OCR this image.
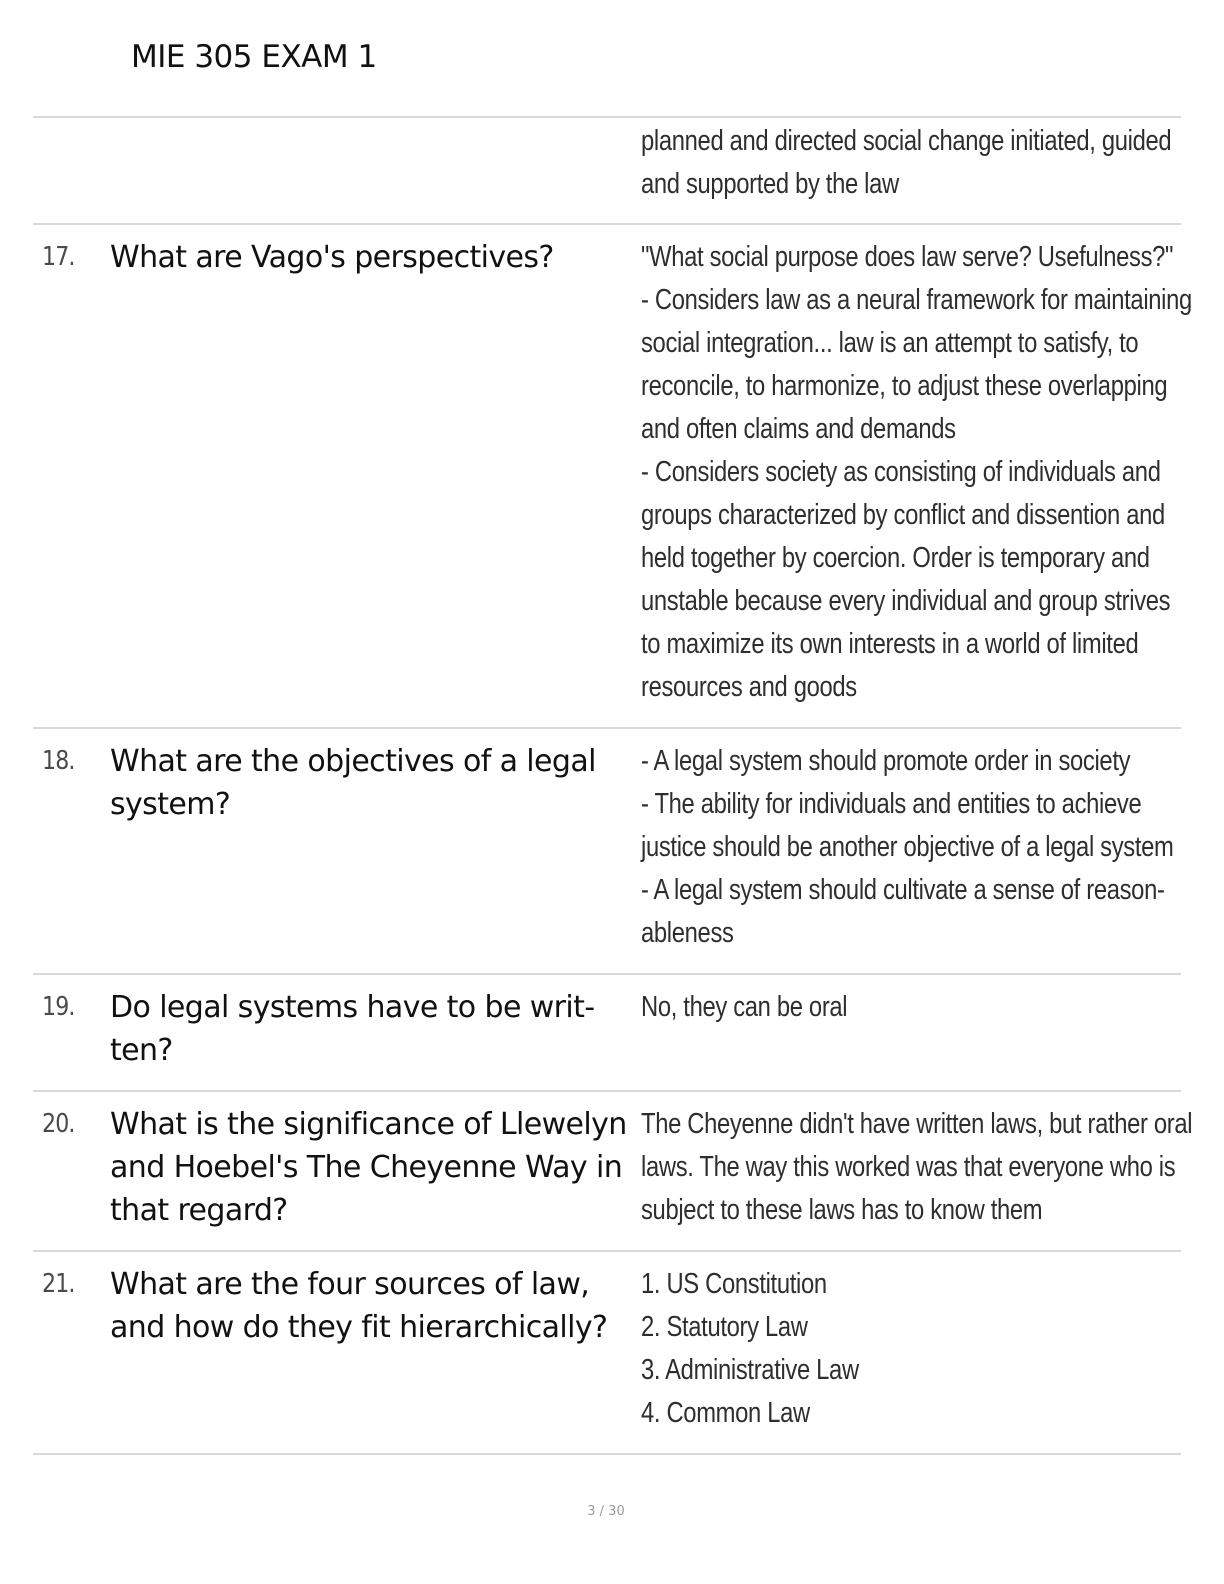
MIE 305 EXAM 1
planned and directed social change initiated, guided
and supported by the law
17. What are Vago's perspectives?	"What social purpose does law serve? Usefulness?"
- Considers law as a neural framework for maintaining
social integration... law is an attempt to satisfy, to
reconcile, to harmonize, to adjust these overlapping
and often claims and demands
- Considers society as consisting of individuals and
groups characterized by conflict and dissention and
held together by coercion. Order is temporary and
unstable because every individual and group strives
to maximize its own interests in a world of limited
resources and goods
18. What are the objectives of a legal system?
- A legal system should promote order in society
- The ability for individuals and entities to achieve
justice should be another objective of a legal system
- A legal system should cultivate a sense of reason-
ableness
19. Do legal systems have to be writ- ten?
No, they can be oral
20. What is the significance of Llewelyn and Hoebel's The Cheyenne Way in that regard?
The Cheyenne didn't have written laws, but rather oral
laws. The way this worked was that everyone who is
subject to these laws has to know them
21. What are the four sources of law, and how do they fit hierarchically?
1. US Constitution
2. Statutory Law
3. Administrative Law
4. Common Law
3 / 30
